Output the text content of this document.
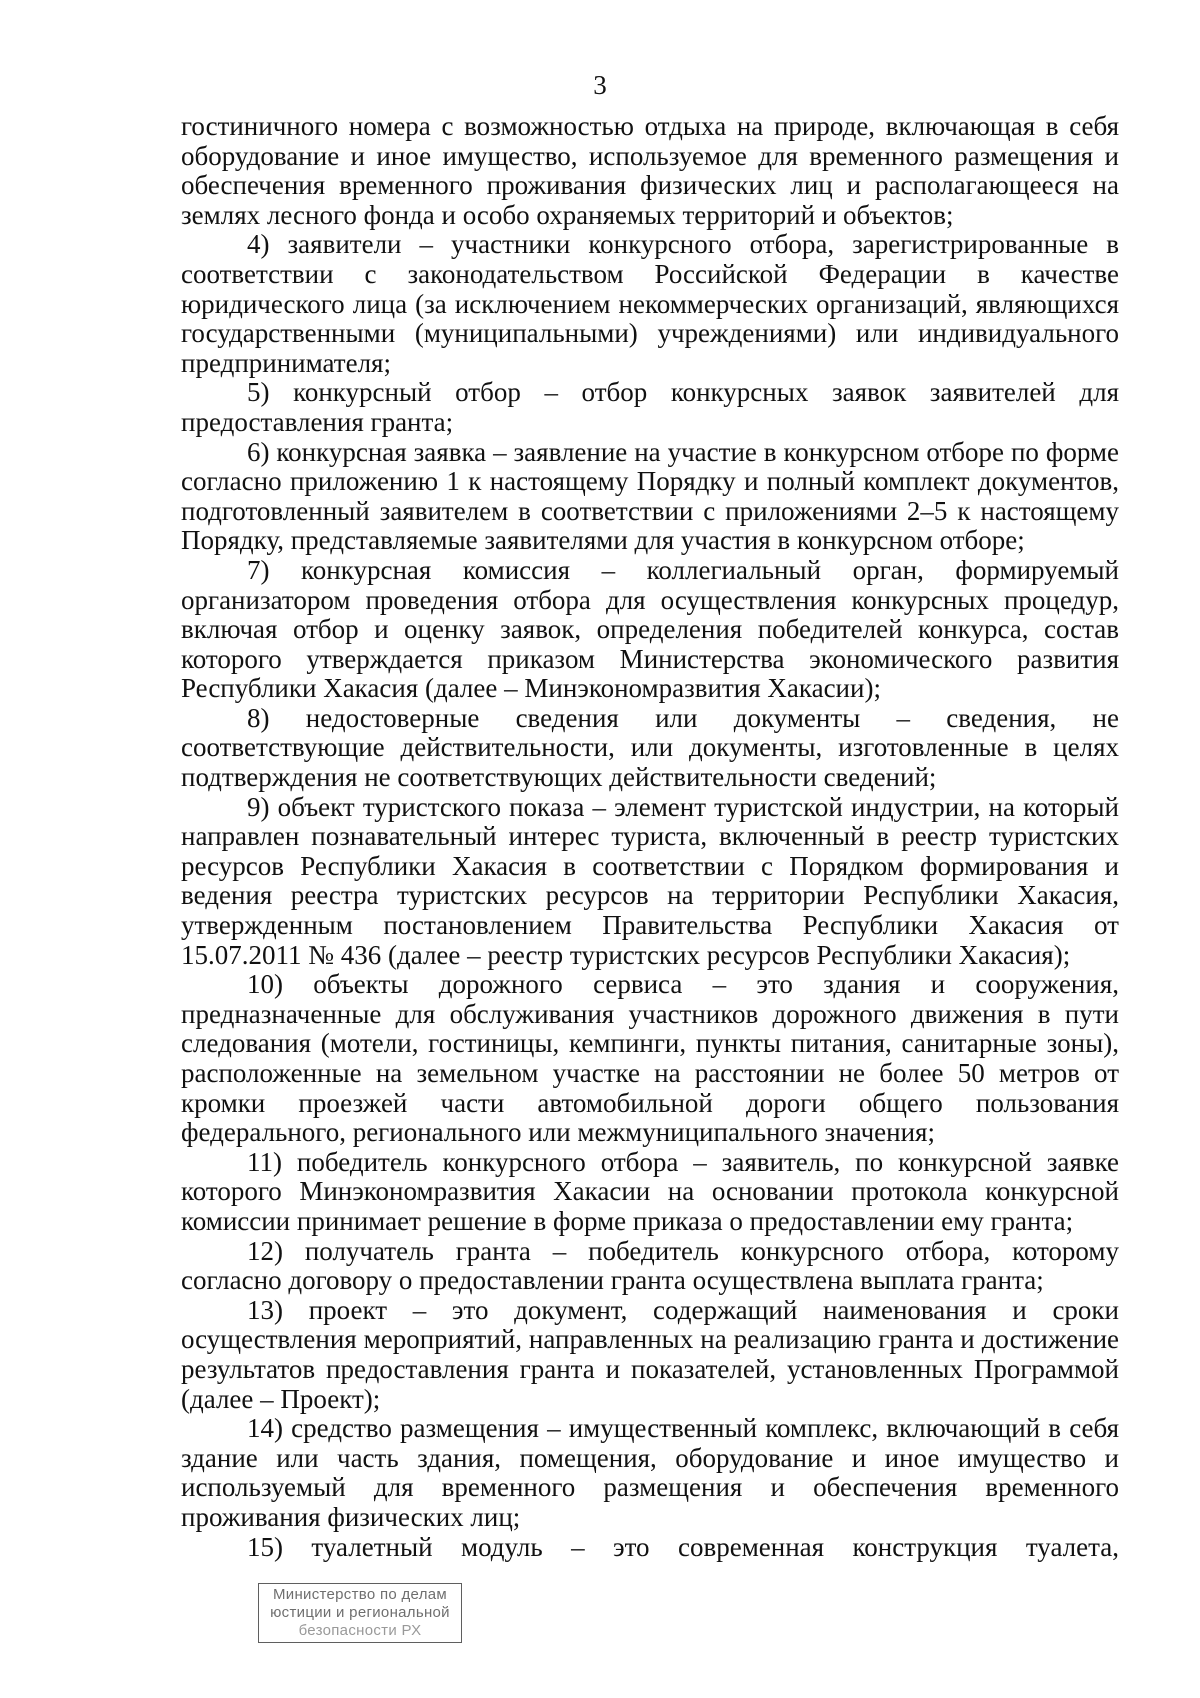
3

гостиничного номера с возможностью отдыха на природе, включающая в себя оборудование и иное имущество, используемое для временного размещения и обеспечения временного проживания физических лиц и располагающееся на землях лесного фонда и особо охраняемых территорий и объектов;

4) заявители – участники конкурсного отбора, зарегистрированные в соответствии с законодательством Российской Федерации в качестве юридического лица (за исключением некоммерческих организаций, являющихся государственными (муниципальными) учреждениями) или индивидуального предпринимателя;

5) конкурсный отбор – отбор конкурсных заявок заявителей для предоставления гранта;

6) конкурсная заявка – заявление на участие в конкурсном отборе по форме согласно приложению 1 к настоящему Порядку и полный комплект документов, подготовленный заявителем в соответствии с приложениями 2–5 к настоящему Порядку, представляемые заявителями для участия в конкурсном отборе;

7) конкурсная комиссия – коллегиальный орган, формируемый организатором проведения отбора для осуществления конкурсных процедур, включая отбор и оценку заявок, определения победителей конкурса, состав которого утверждается приказом Министерства экономического развития Республики Хакасия (далее – Минэкономразвития Хакасии);

8) недостоверные сведения или документы – сведения, не соответствующие действительности, или документы, изготовленные в целях подтверждения не соответствующих действительности сведений;

9) объект туристского показа – элемент туристской индустрии, на который направлен познавательный интерес туриста, включенный в реестр туристских ресурсов Республики Хакасия в соответствии с Порядком формирования и ведения реестра туристских ресурсов на территории Республики Хакасия, утвержденным постановлением Правительства Республики Хакасия от 15.07.2011 № 436 (далее – реестр туристских ресурсов Республики Хакасия);

10) объекты дорожного сервиса – это здания и сооружения, предназначенные для обслуживания участников дорожного движения в пути следования (мотели, гостиницы, кемпинги, пункты питания, санитарные зоны), расположенные на земельном участке на расстоянии не более 50 метров от кромки проезжей части автомобильной дороги общего пользования федерального, регионального или межмуниципального значения;

11) победитель конкурсного отбора – заявитель, по конкурсной заявке которого Минэкономразвития Хакасии на основании протокола конкурсной комиссии принимает решение в форме приказа о предоставлении ему гранта;

12) получатель гранта – победитель конкурсного отбора, которому согласно договору о предоставлении гранта осуществлена выплата гранта;

13) проект – это документ, содержащий наименования и сроки осуществления мероприятий, направленных на реализацию гранта и достижение результатов предоставления гранта и показателей, установленных Программой (далее – Проект);

14) средство размещения – имущественный комплекс, включающий в себя здание или часть здания, помещения, оборудование и иное имущество и используемый для временного размещения и обеспечения временного проживания физических лиц;

15) туалетный модуль – это современная конструкция туалета,

Министерство по делам
юстиции и региональной
безопасности РХ
